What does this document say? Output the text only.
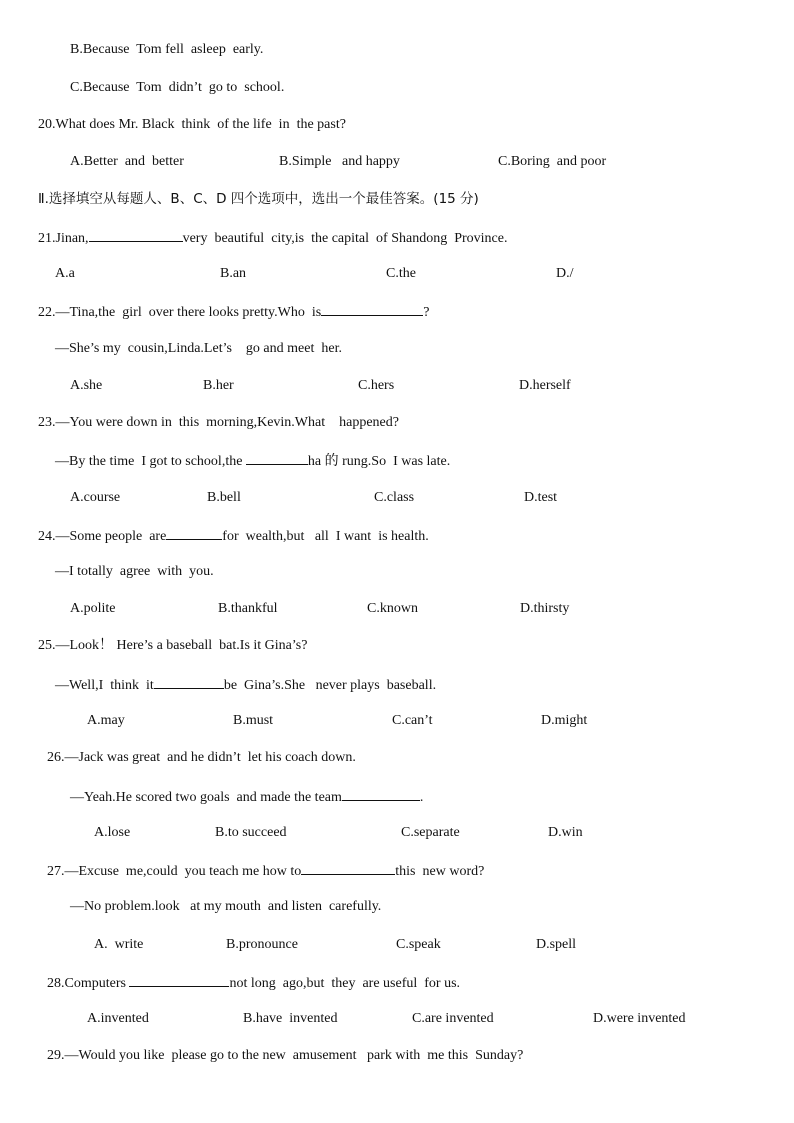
B.Because  Tom fell  asleep  early.
C.Because  Tom  didn’t  go to  school.
20.What does Mr. Black  think  of the life  in  the past?
A.Better  and  better	B.Simple   and happy	C.Boring  and poor
Ⅱ.选择填空从每题人、B、C、D 四个选项中，选出一个最佳答案。(15 分)
21.Jinan,	very  beautiful  city,is  the capital  of Shandong  Province.
A.a	B.an	C.the	D./
22.—Tina,the  girl  over there looks pretty.Who  is	?
—She’s my  cousin,Linda.Let’s    go and meet  her.
A.she	B.her	C.hers	D.herself
23.—You were down in  this  morning,Kevin.What    happened?
—By the time  I got to school,the	ha 的 rung.So  I was late.
A.course	B.bell	C.class	D.test
24.—Some people  are	for  wealth,but   all  I want  is health.
—I totally  agree  with  you.
A.polite	B.thankful	C.known	D.thirsty
25.—Look！ Here’s a baseball  bat.Is it Gina’s?
—Well,I  think  it	be  Gina’s.She   never plays  baseball.
A.may	B.must	C.can’t	D.might
26.—Jack was great  and he didn’t  let his coach down.
—Yeah.He scored two goals  and made the team	.
A.lose	B.to succeed	C.separate	D.win
27.—Excuse  me,could  you teach me how to	this  new word?
—No problem.look   at my mouth  and listen  carefully.
A.  write	B.pronounce	C.speak	D.spell
28.Computers	not long  ago,but  they  are useful  for us.
A.invented	B.have  invented	C.are invented	D.were invented
29.—Would you like  please go to the new  amusement   park with  me this  Sunday?
